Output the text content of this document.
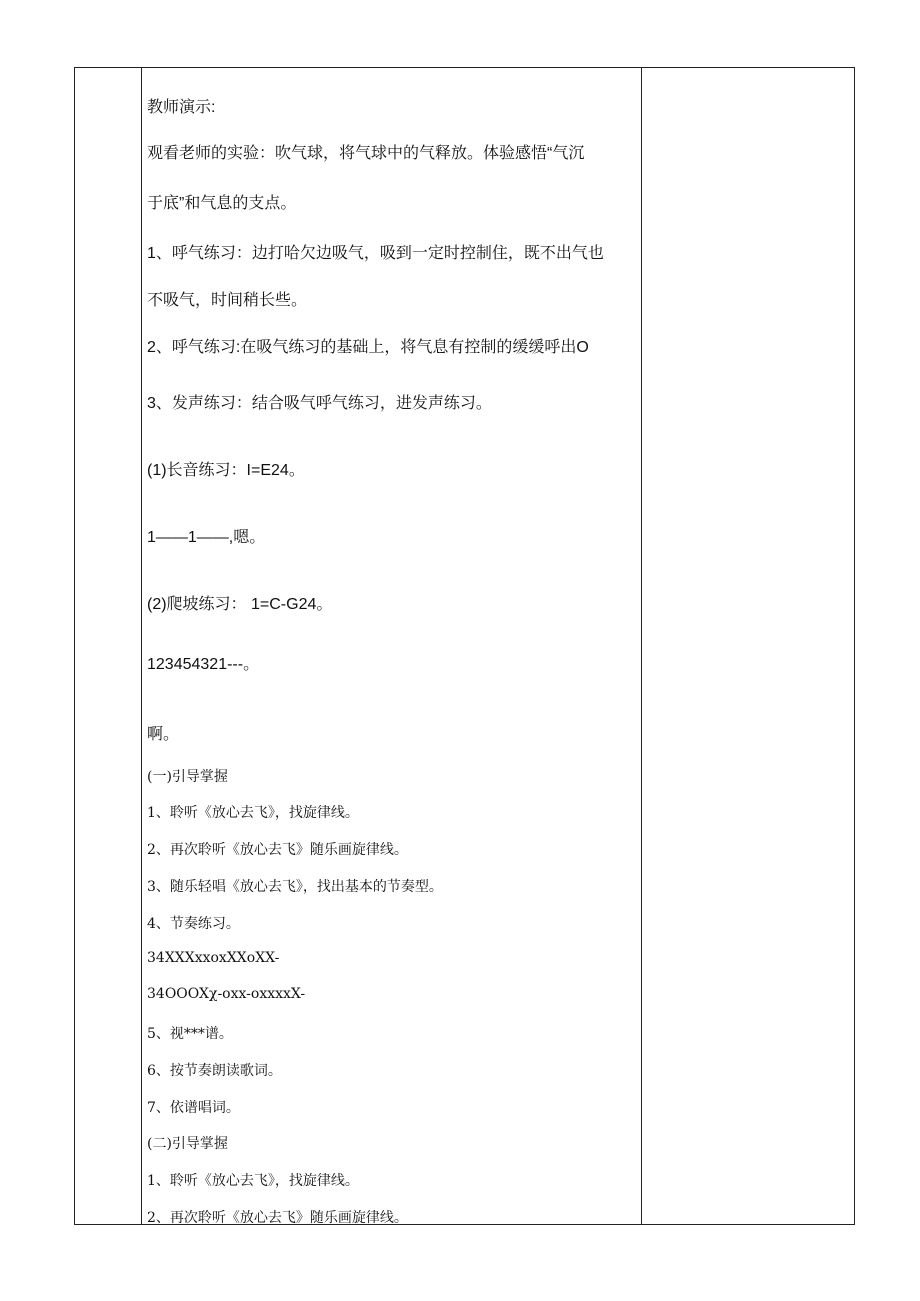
教师演示:
观看老师的实验：吹气球，将气球中的气释放。体验感悟“气沉
于底”和气息的支点。
1、呼气练习：边打哈欠边吸气，吸到一定时控制住，既不出气也
不吸气，时间稍长些。
2、呼气练习:在吸气练习的基础上，将气息有控制的缓缓呼出O
3、发声练习：结合吸气呼气练习，进发声练习。
(1)长音练习：I=E24。
1——1——,嗯。
(2)爬坡练习： 1=C-G24。
123454321---。
啊。
(一)引导掌握
1、聆听《放心去飞》，找旋律线。
2、再次聆听《放心去飞》随乐画旋律线。
3、随乐轻唱《放心去飞》，找出基本的节奏型。
4、节奏练习。
34XXXxxoxXXoXX-
34OOOXχ-oxx-oxxxxX-
5、视***谱。
6、按节奏朗读歌词。
7、依谱唱词。
(二)引导掌握
1、聆听《放心去飞》，找旋律线。
2、再次聆听《放心去飞》随乐画旋律线。
